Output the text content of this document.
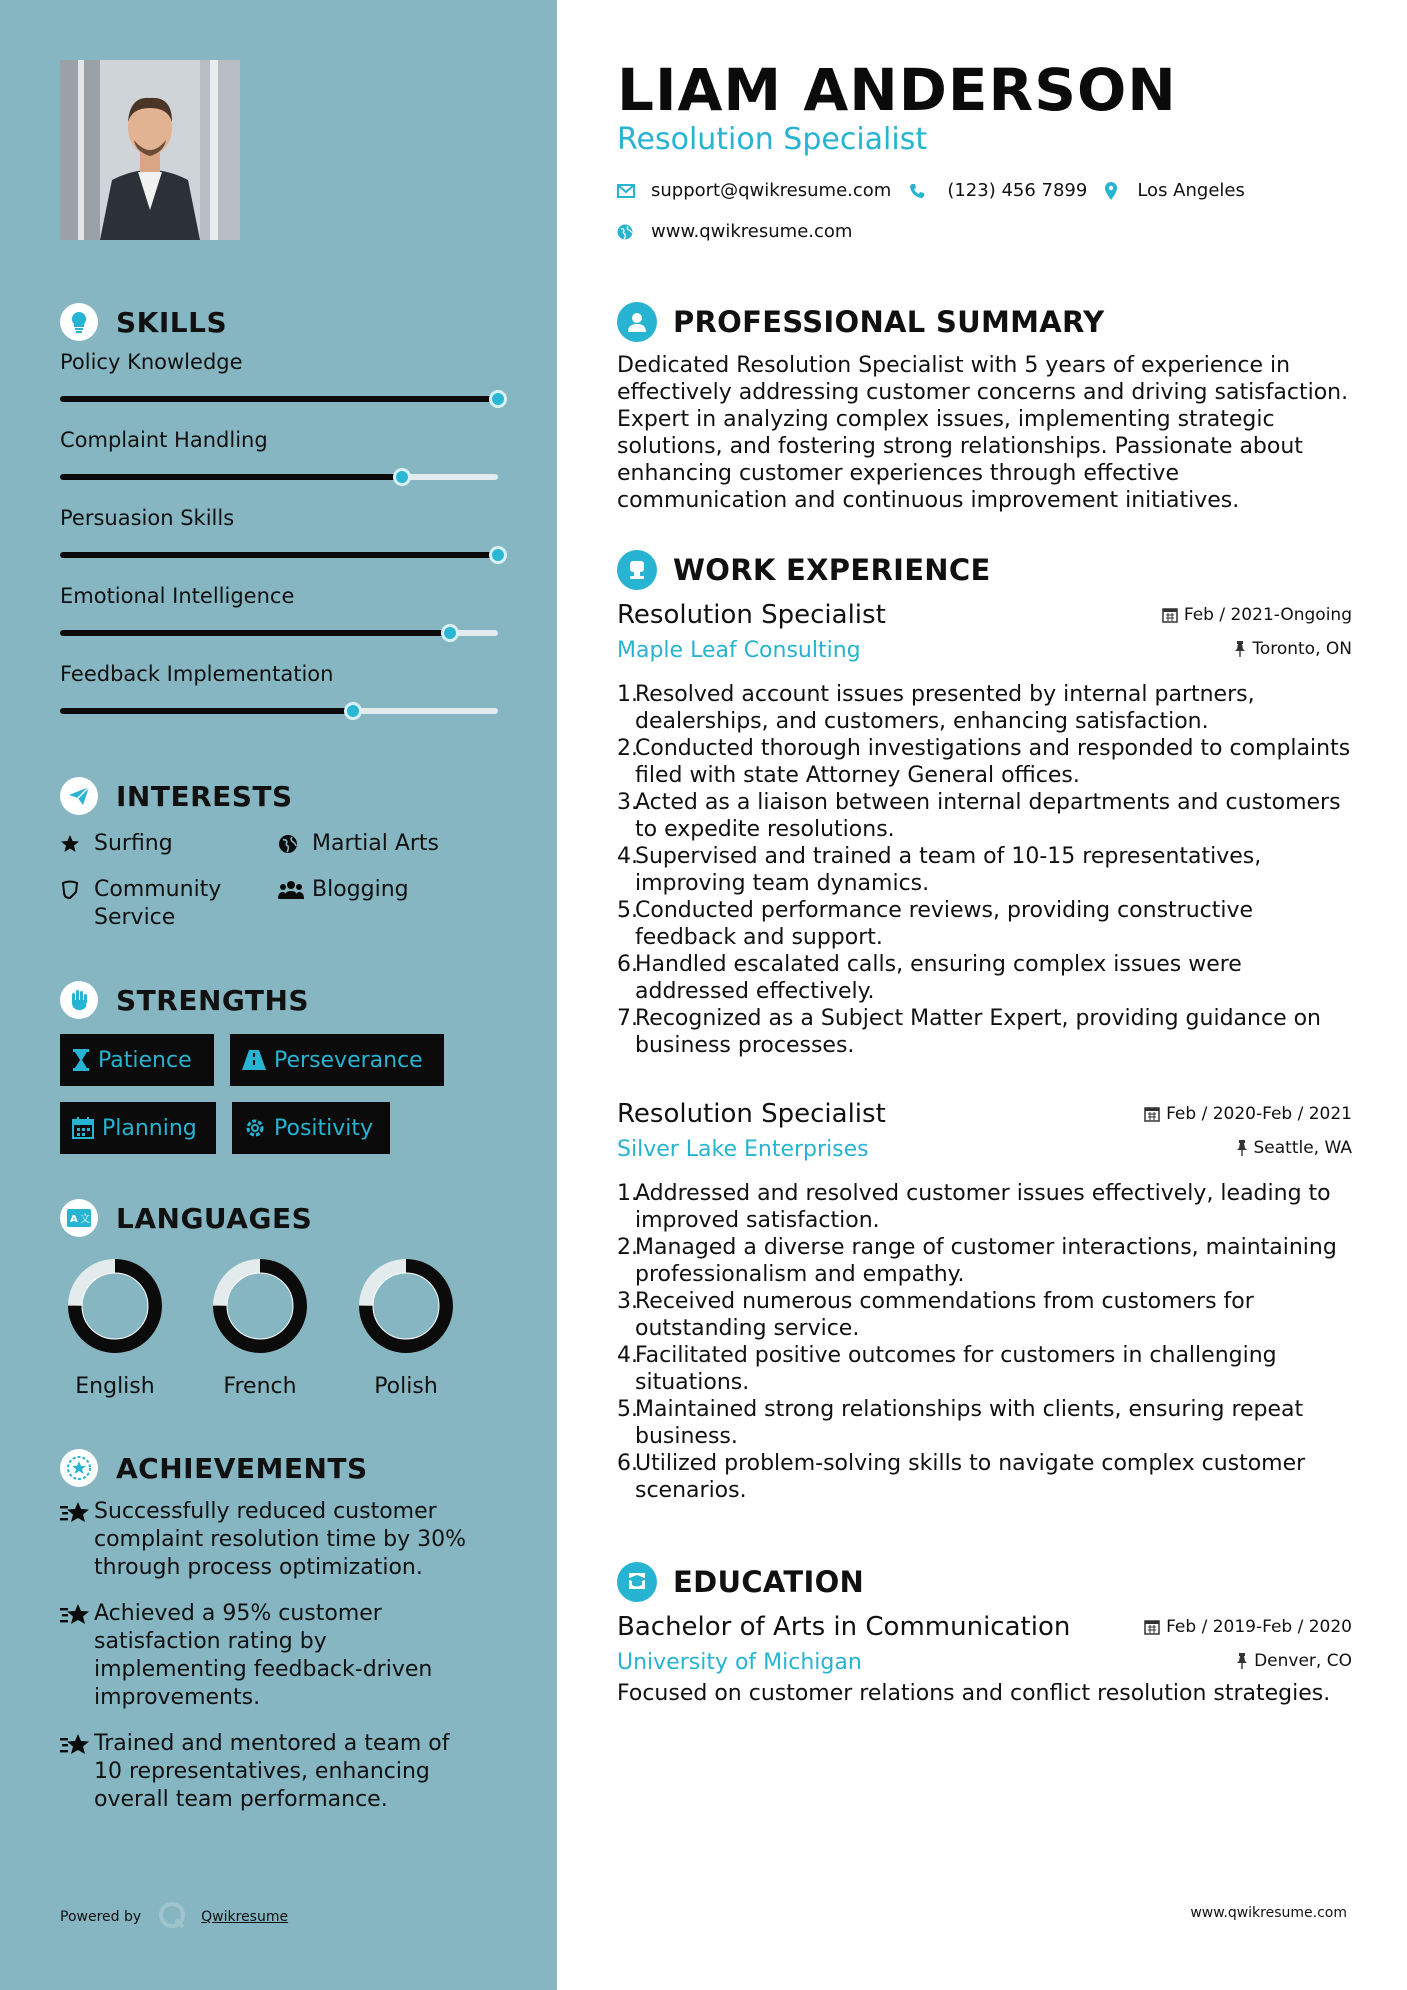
SKILLS
Policy Knowledge
Complaint Handling
Persuasion Skills
Emotional Intelligence
Feedback Implementation
INTERESTS
Surfing	Martial Arts
Community Service
Blogging
STRENGTHS
Patience	Perseverance
Planning	Positivity
A 文 LANGUAGES
English	French	Polish
ACHIEVEMENTS
Successfully reduced customer complaint resolution time by 30% through process optimization.
Achieved a 95% customer satisfaction rating by implementing feedback-driven improvements.
Trained and mentored a team of 10 representatives, enhancing overall team performance.
Powered by	Qwikresume
LIAM ANDERSON
Resolution Specialist
support@qwikresume.com	(123) 456 7899	Los Angeles
www.qwikresume.com
PROFESSIONAL SUMMARY

Dedicated Resolution Specialist with 5 years of experience in effectively addressing customer concerns and driving satisfaction. Expert in analyzing complex issues, implementing strategic solutions, and fostering strong relationships. Passionate about enhancing customer experiences through effective communication and continuous improvement initiatives.

WORK EXPERIENCE
Resolution Specialist	Feb / 2021-Ongoing
Maple Leaf Consulting	Toronto, ON
Resolved account issues presented by internal partners, dealerships, and customers, enhancing satisfaction.
Conducted thorough investigations and responded to complaints filed with state Attorney General offices.
Acted as a liaison between internal departments and customers to expedite resolutions.
Supervised and trained a team of 10-15 representatives, improving team dynamics.
Conducted performance reviews, providing constructive feedback and support.
Handled escalated calls, ensuring complex issues were addressed effectively.
Recognized as a Subject Matter Expert, providing guidance on business processes.
Resolution Specialist	Feb / 2020-Feb / 2021
Silver Lake Enterprises	Seattle, WA
Addressed and resolved customer issues effectively, leading to improved satisfaction.
Managed a diverse range of customer interactions, maintaining professionalism and empathy.
Received numerous commendations from customers for outstanding service.
Facilitated positive outcomes for customers in challenging situations.
Maintained strong relationships with clients, ensuring repeat business.
Utilized problem-solving skills to navigate complex customer scenarios.
EDUCATION
Bachelor of Arts in Communication	Feb / 2019-Feb / 2020
University of Michigan	Denver, CO

Focused on customer relations and conflict resolution strategies.

www.qwikresume.com
